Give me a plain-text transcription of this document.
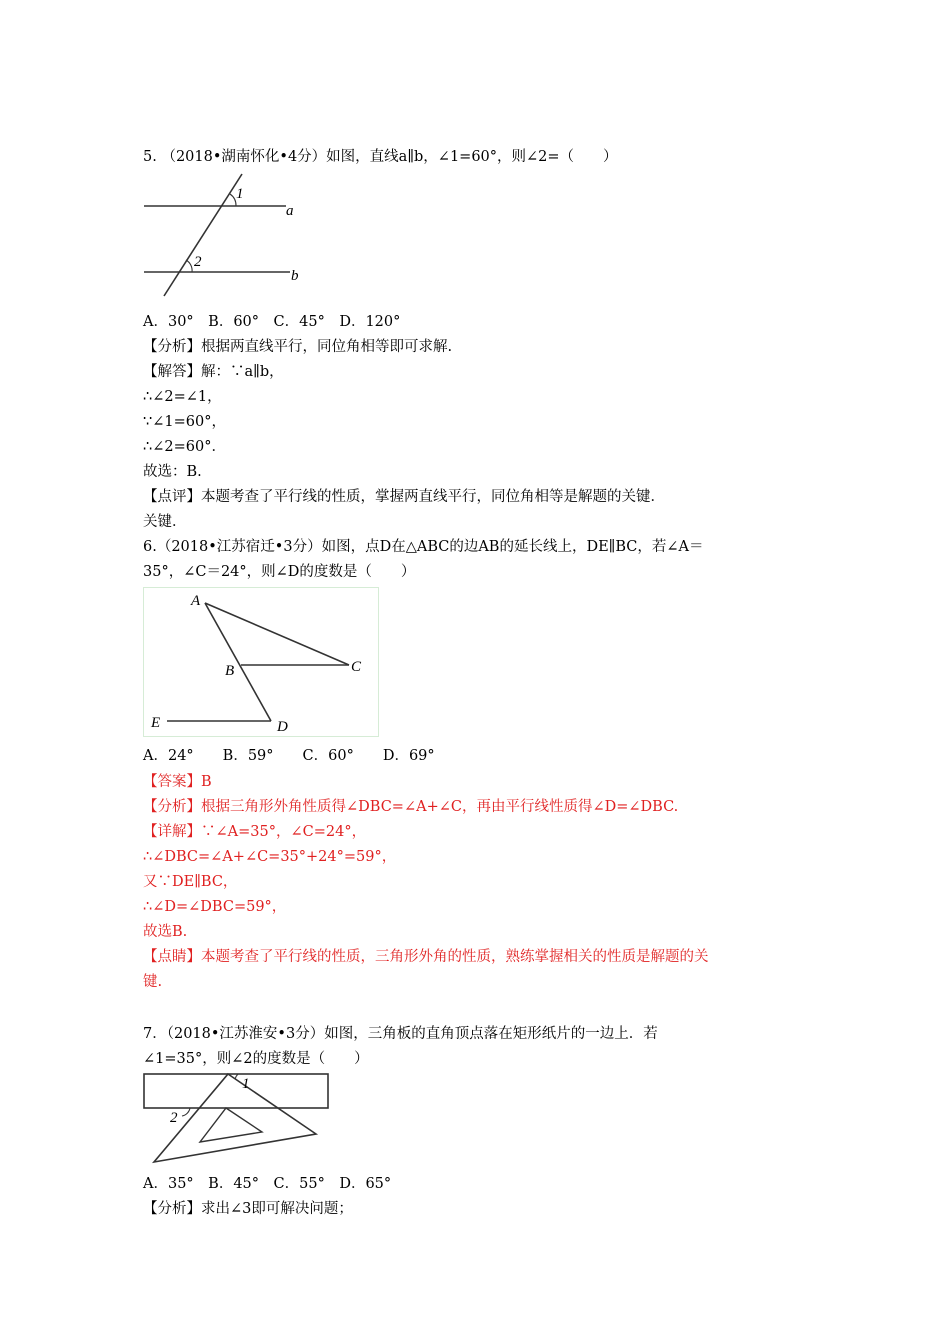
5. （2018•湖南怀化•4分）如图，直线a∥b，∠1=60°，则∠2=（　　）
1
2
a
b
A．30°　B．60°　C．45°　D．120°
【分析】根据两直线平行，同位角相等即可求解.
【解答】解：∵a∥b，
∴∠2=∠1，
∵∠1=60°，
∴∠2=60°．
故选：B.
【点评】本题考查了平行线的性质，掌握两直线平行，同位角相等是解题的关键．
关键．
6.（2018•江苏宿迁•3分）如图，点D在△ABC的边AB的延长线上，DE∥BC，若∠A＝
35°，∠C＝24°，则∠D的度数是（　　）
A
B	C
D
E
A．24°　　B．59°　　C．60°　　D．69°
【答案】B
【分析】根据三角形外角性质得∠DBC=∠A+∠C，再由平行线性质得∠D=∠DBC.
【详解】∵∠A=35°，∠C=24°，
∴∠DBC=∠A+∠C=35°+24°=59°，
又∵DE∥BC，
∴∠D=∠DBC=59°，
故选B.
【点睛】本题考查了平行线的性质，三角形外角的性质，熟练掌握相关的性质是解题的关
键.
7．（2018•江苏淮安•3分）如图，三角板的直角顶点落在矩形纸片的一边上．若
∠1=35°，则∠2的度数是（　　）
1
2
A．35°　B．45°　C．55°　D．65°
【分析】求出∠3即可解决问题；
